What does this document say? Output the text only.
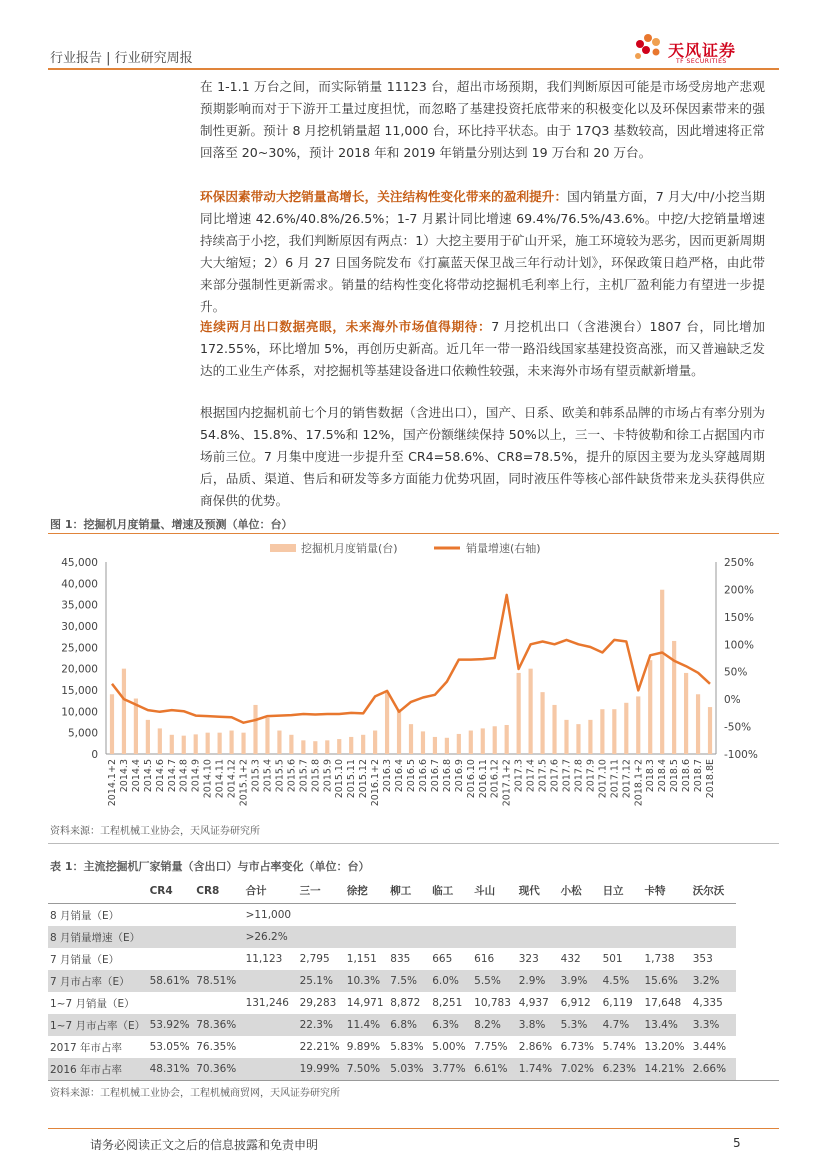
行业报告 | 行业研究周报	天风证券
TF SECURITIES
在 1-1.1 万台之间，而实际销量 11123 台，超出市场预期，我们判断原因可能是市场受房地产悲观预期影响而对于下游开工量过度担忧，而忽略了基建投资托底带来的积极变化以及环保因素带来的强制性更新。预计 8 月挖机销量超 11,000 台，环比持平状态。由于 17Q3 基数较高，因此增速将正常回落至 20~30%，预计 2018 年和 2019 年销量分别达到 19 万台和 20 万台。
环保因素带动大挖销量高增长，关注结构性变化带来的盈利提升：国内销量方面，7 月大/中/小挖当期同比增速 42.6%/40.8%/26.5%；1-7 月累计同比增速 69.4%/76.5%/43.6%。中挖/大挖销量增速持续高于小挖，我们判断原因有两点：1）大挖主要用于矿山开采，施工环境较为恶劣，因而更新周期大大缩短；2）6 月 27 日国务院发布《打赢蓝天保卫战三年行动计划》，环保政策日趋严格，由此带来部分强制性更新需求。销量的结构性变化将带动挖掘机毛利率上行，主机厂盈利能力有望进一步提升。
连续两月出口数据亮眼，未来海外市场值得期待：7 月挖机出口（含港澳台）1807 台，同比增加 172.55%，环比增加 5%，再创历史新高。近几年一带一路沿线国家基建投资高涨，而又普遍缺乏发达的工业生产体系，对挖掘机等基建设备进口依赖性较强，未来海外市场有望贡献新增量。
根据国内挖掘机前七个月的销售数据（含进出口），国产、日系、欧美和韩系品牌的市场占有率分别为 54.8%、15.8%、17.5%和 12%，国产份额继续保持 50%以上，三一、卡特彼勒和徐工占据国内市场前三位。7 月集中度进一步提升至 CR4=58.6%、CR8=78.5%，提升的原因主要为龙头穿越周期后，品质、渠道、售后和研发等多方面能力优势巩固，同时液压件等核心部件缺货带来龙头获得供应商保供的优势。
图 1：挖掘机月度销量、增速及预测（单位：台）
挖掘机月度销量(台)	销量增速(右轴)
0
5,000
10,000
15,000
20,000
25,000
30,000
35,000
40,000
45,000
-100%
-50%
0%
50%
100%
150%
200%
250%
2014.1+2 2014.3 2014.4 2014.5 2014.6 2014.7 2014.8 2014.9 2014.10 2014.11 2014.12 2015.1+2 2015.3 2015.4 2015.5 2015.6 2015.7 2015.8 2015.9 2015.10 2015.11 2015.12 2016.1+2 2016.3 2016.4 2016.5 2016.6 2016.7 2016.8 2016.9 2016.10 2016.11 2016.12 2017.1+2 2017.3 2017.4 2017.5 2017.6 2017.7 2017.8 2017.9 2017.10 2017.11 2017.12 2018.1+2 2018.3 2018.4 2018.5 2018.6 2018.7 2018.8E
资料来源：工程机械工业协会，天风证券研究所
表 1：主流挖掘机厂家销量（含出口）与市占率变化（单位：台）
	CR4	CR8	合计	三一	徐挖	柳工	临工	斗山	现代	小松	日立	卡特	沃尔沃
8 月销量（E）			>11,000										
8 月销量增速（E）			>26.2%										
7 月销量（E）			11,123	2,795	1,151	835	665	616	323	432	501	1,738	353
7 月市占率（E）	58.61%	78.51%		25.1%	10.3%	7.5%	6.0%	5.5%	2.9%	3.9%	4.5%	15.6%	3.2%
1~7 月销量（E）			131,246	29,283	14,971	8,872	8,251	10,783	4,937	6,912	6,119	17,648	4,335
1~7 月市占率（E）	53.92%	78.36%		22.3%	11.4%	6.8%	6.3%	8.2%	3.8%	5.3%	4.7%	13.4%	3.3%
2017 年市占率	53.05%	76.35%		22.21%	9.89%	5.83%	5.00%	7.75%	2.86%	6.73%	5.74%	13.20%	3.44%
2016 年市占率	48.31%	70.36%		19.99%	7.50%	5.03%	3.77%	6.61%	1.74%	7.02%	6.23%	14.21%	2.66%
资料来源：工程机械工业协会，工程机械商贸网，天风证券研究所
请务必阅读正文之后的信息披露和免责申明	5
